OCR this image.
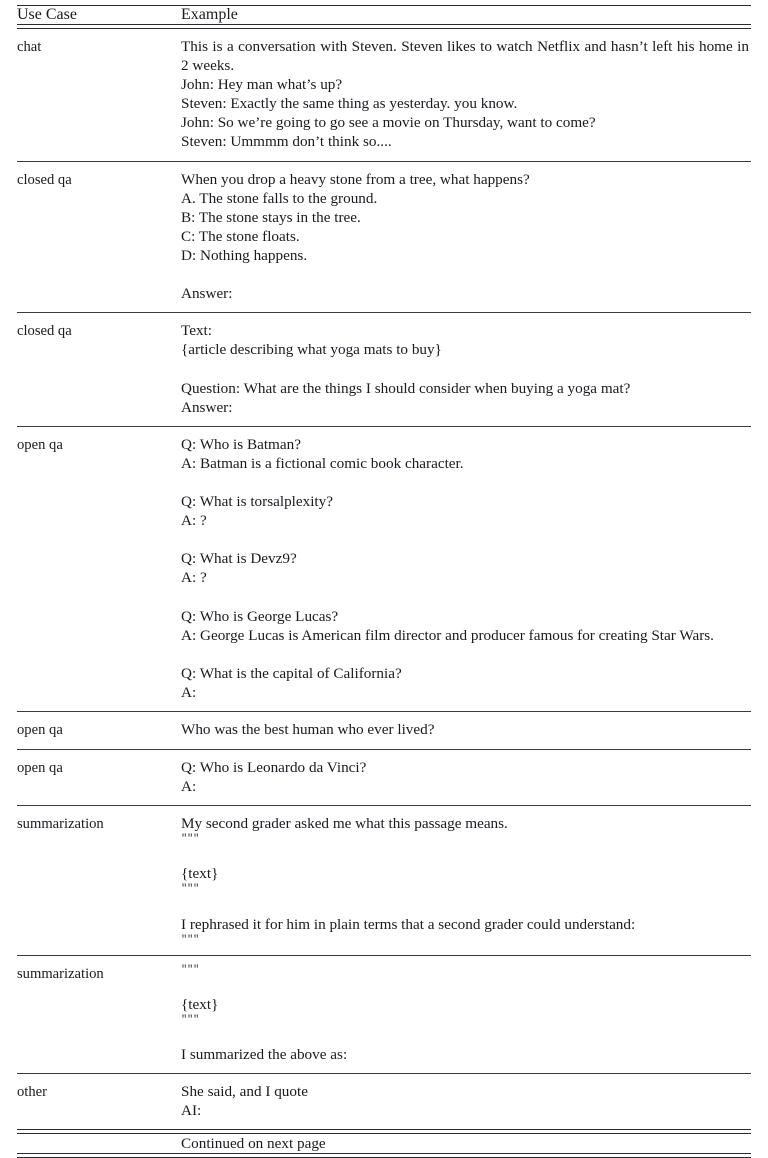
Use Case	Example
chat	This is a conversation with Steven. Steven likes to watch Netflix and hasn’t left his home in 2 weeks.

John: Hey man what’s up?

Steven: Exactly the same thing as yesterday. you know.

John: So we’re going to go see a movie on Thursday, want to come?

Steven: Ummmm don’t think so....

closed qa	When you drop a heavy stone from a tree, what happens?

A. The stone falls to the ground.

B: The stone stays in the tree.

C: The stone floats.

D: Nothing happens.

Answer:

closed qa	Text:

{article describing what yoga mats to buy}

Question: What are the things I should consider when buying a yoga mat?

Answer:

open qa	Q: Who is Batman?

A: Batman is a fictional comic book character.

Q: What is torsalplexity?

A: ?

Q: What is Devz9?

A: ?

Q: Who is George Lucas?

A: George Lucas is American film director and producer famous for creating Star Wars.

Q: What is the capital of California?

A:

open qa	Who was the best human who ever lived?

open qa	Q: Who is Leonardo da Vinci?

A:

summarization	My second grader asked me what this passage means.

"""

{text}

"""

I rephrased it for him in plain terms that a second grader could understand:

"""

summarization	"""

{text}

"""

I summarized the above as:

other	She said, and I quote

AI:

	Continued on next page
